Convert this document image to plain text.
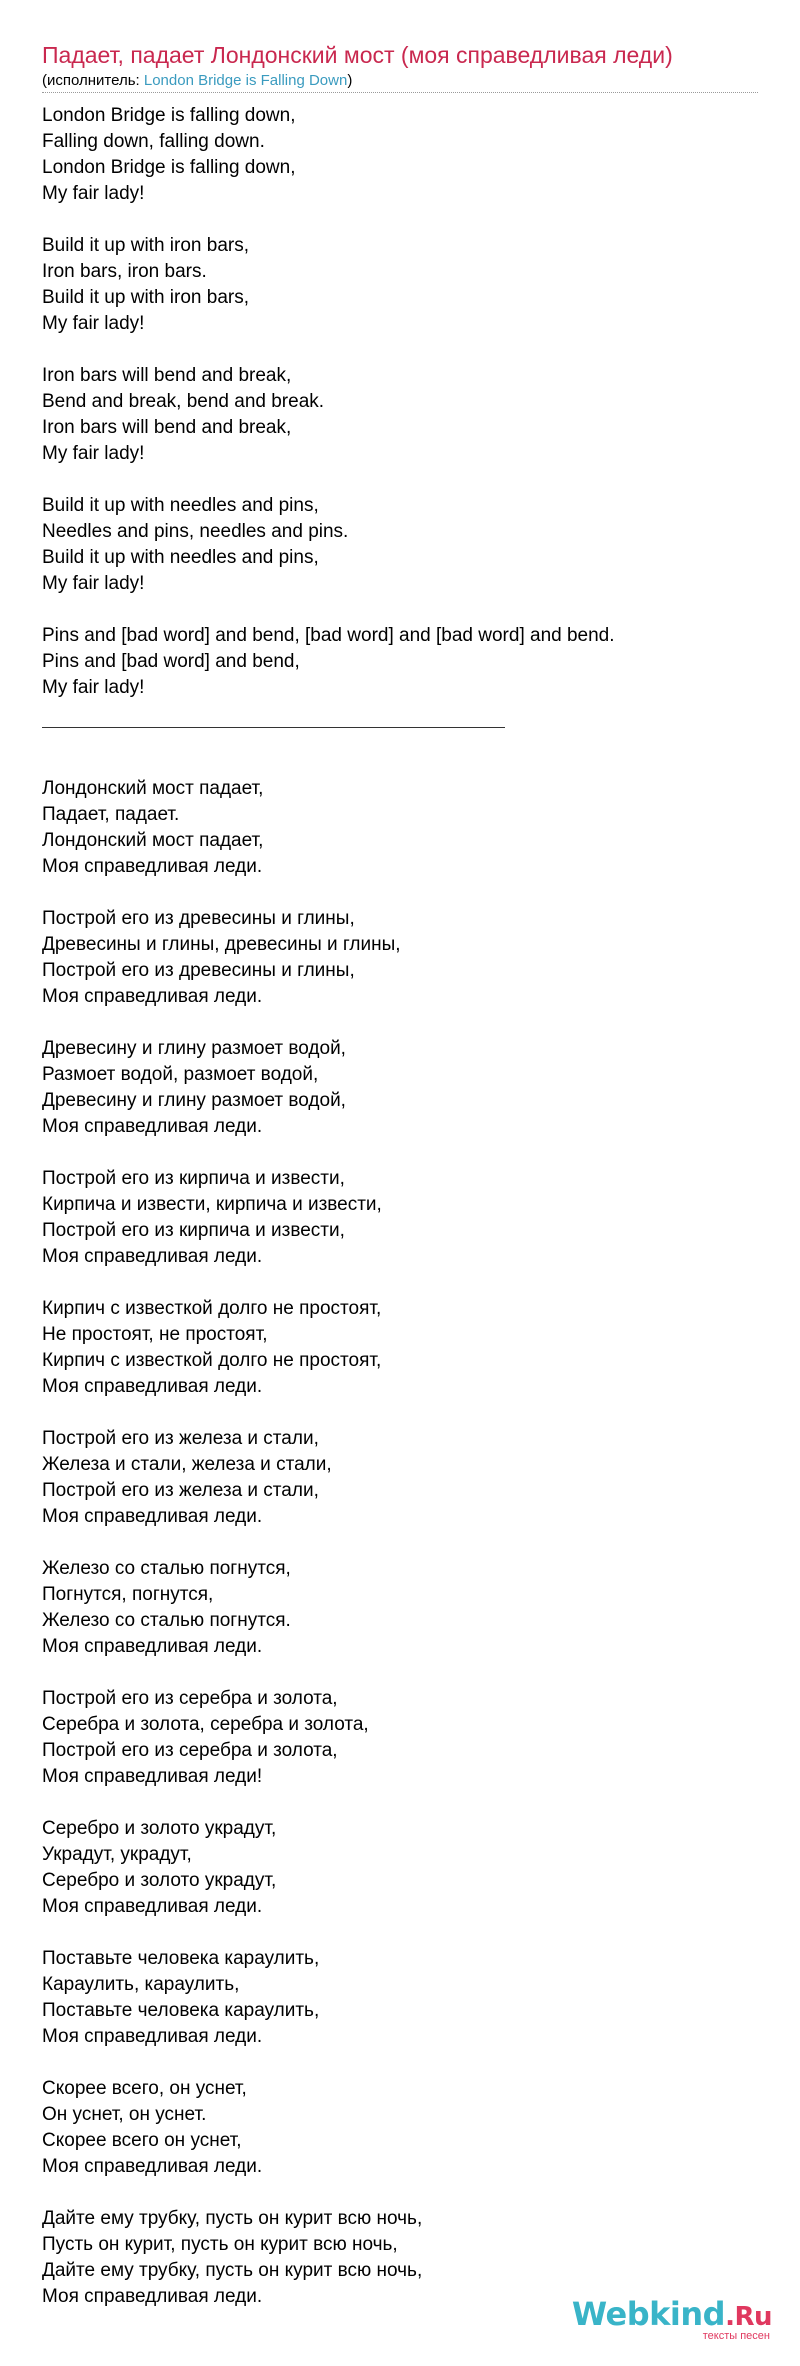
Падает, падает Лондонский мост (моя справедливая леди)
(исполнитель: London Bridge is Falling Down)
London Bridge is falling down,
Falling down, falling down.
London Bridge is falling down,
My fair lady!
Build it up with iron bars,
Iron bars, iron bars.
Build it up with iron bars,
My fair lady!
Iron bars will bend and break,
Bend and break, bend and break.
Iron bars will bend and break,
My fair lady!
Build it up with needles and pins,
Needles and pins, needles and pins.
Build it up with needles and pins,
My fair lady!
Pins and [bad word] and bend, [bad word] and [bad word] and bend.
Pins and [bad word] and bend,
My fair lady!
Лондонский мост падает,
Падает, падает.
Лондонский мост падает,
Моя справедливая леди.
Построй его из древесины и глины,
Древесины и глины, древесины и глины,
Построй его из древесины и глины,
Моя справедливая леди.
Древесину и глину размоет водой,
Размоет водой, размоет водой,
Древесину и глину размоет водой,
Моя справедливая леди.
Построй его из кирпича и извести,
Кирпича и извести, кирпича и извести,
Построй его из кирпича и извести,
Моя справедливая леди.
Кирпич с известкой долго не простоят,
Не простоят, не простоят,
Кирпич с известкой долго не простоят,
Моя справедливая леди.
Построй его из железа и стали,
Железа и стали, железа и стали,
Построй его из железа и стали,
Моя справедливая леди.
Железо со сталью погнутся,
Погнутся, погнутся,
Железо со сталью погнутся.
Моя справедливая леди.
Построй его из серебра и золота,
Серебра и золота, серебра и золота,
Построй его из серебра и золота,
Моя справедливая леди!
Серебро и золото украдут,
Украдут, украдут,
Серебро и золото украдут,
Моя справедливая леди.
Поставьте человека караулить,
Караулить, караулить,
Поставьте человека караулить,
Моя справедливая леди.
Скорее всего, он уснет,
Он уснет, он уснет.
Скорее всего он уснет,
Моя справедливая леди.
Дайте ему трубку, пусть он курит всю ночь,
Пусть он курит, пусть он курит всю ночь,
Дайте ему трубку, пусть он курит всю ночь,
Моя справедливая леди.	Webkind.Ru
тексты песен
